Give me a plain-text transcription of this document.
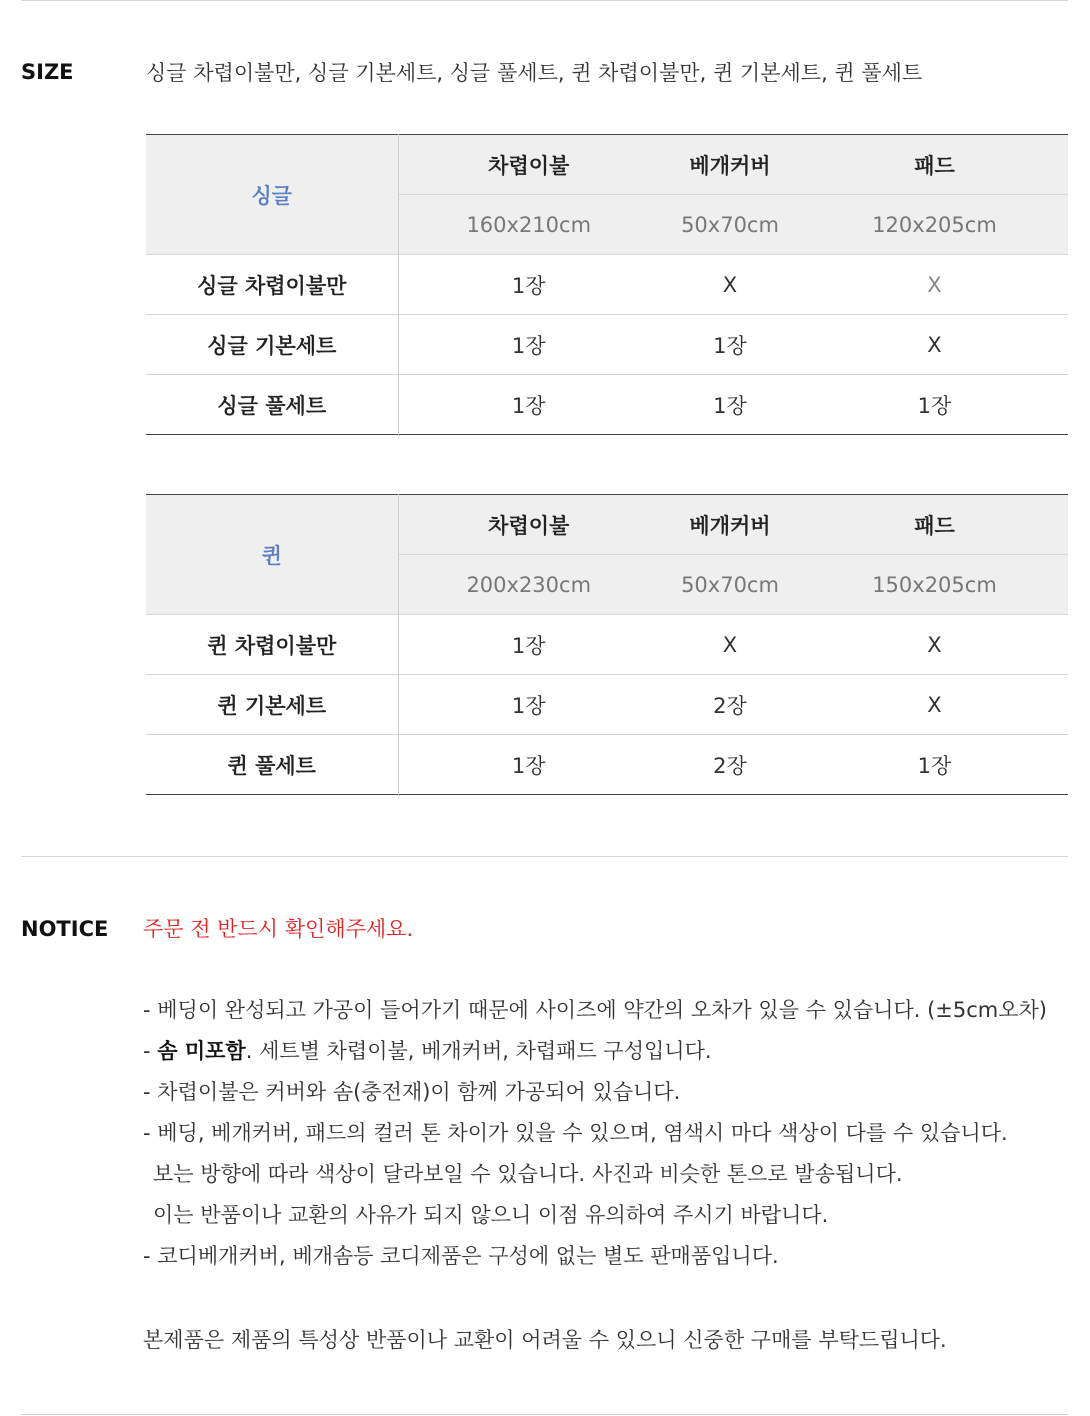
SIZE	싱글 차렵이불만, 싱글 기본세트, 싱글 풀세트, 퀸 차렵이불만, 퀸 기본세트, 퀸 풀세트
싱글	차렵이불	베개커버	패드
	160x210cm	50x70cm	120x205cm
싱글 차렵이불만	1장	X	X
싱글 기본세트	1장	1장	X
싱글 풀세트	1장	1장	1장
퀸	차렵이불	베개커버	패드
	200x230cm	50x70cm	150x205cm
퀸 차렵이불만	1장	X	X
퀸 기본세트	1장	2장	X
퀸 풀세트	1장	2장	1장
NOTICE 주문 전 반드시 확인해주세요.
- 베딩이 완성되고 가공이 들어가기 때문에 사이즈에 약간의 오차가 있을 수 있습니다. (±5cm오차)
- 솜 미포함. 세트별 차렵이불, 베개커버, 차렵패드 구성입니다.
- 차렵이불은 커버와 솜(충전재)이 함께 가공되어 있습니다.
- 베딩, 베개커버, 패드의 컬러 톤 차이가 있을 수 있으며, 염색시 마다 색상이 다를 수 있습니다.
보는 방향에 따라 색상이 달라보일 수 있습니다. 사진과 비슷한 톤으로 발송됩니다.
이는 반품이나 교환의 사유가 되지 않으니 이점 유의하여 주시기 바랍니다.
- 코디베개커버, 베개솜등 코디제품은 구성에 없는 별도 판매품입니다.
본제품은 제품의 특성상 반품이나 교환이 어려울 수 있으니 신중한 구매를 부탁드립니다.
